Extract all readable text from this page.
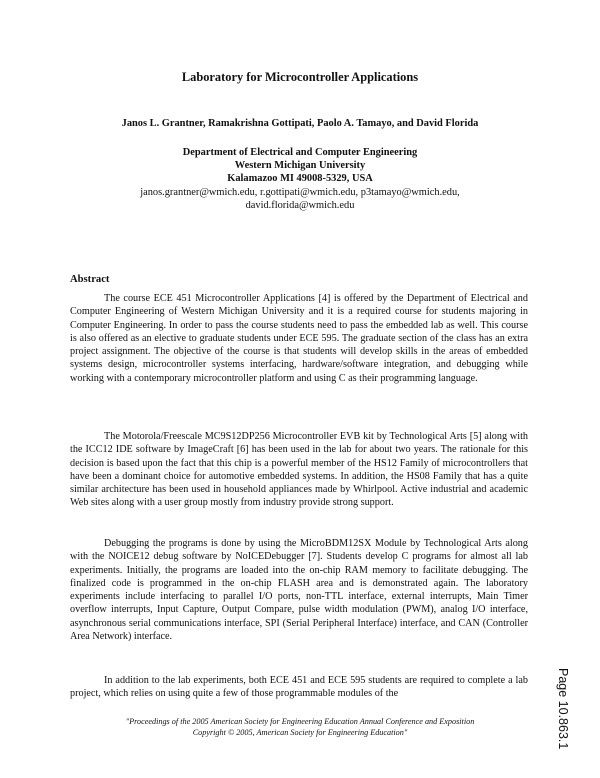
Laboratory for Microcontroller Applications
Janos L. Grantner, Ramakrishna Gottipati, Paolo A. Tamayo, and David Florida
Department of Electrical and Computer Engineering
Western Michigan University
Kalamazoo MI 49008-5329, USA
janos.grantner@wmich.edu, r.gottipati@wmich.edu, p3tamayo@wmich.edu,
david.florida@wmich.edu
Abstract
The course ECE 451 Microcontroller Applications [4] is offered by the Department of Electrical and Computer Engineering of Western Michigan University and it is a required course for students majoring in Computer Engineering. In order to pass the course students need to pass the embedded lab as well. This course is also offered as an elective to graduate students under ECE 595. The graduate section of the class has an extra project assignment. The objective of the course is that students will develop skills in the areas of embedded systems design, microcontroller systems interfacing, hardware/software integration, and debugging while working with a contemporary microcontroller platform and using C as their programming language.
The Motorola/Freescale MC9S12DP256 Microcontroller EVB kit by Technological Arts [5] along with the ICC12 IDE software by ImageCraft [6] has been used in the lab for about two years. The rationale for this decision is based upon the fact that this chip is a powerful member of the HS12 Family of microcontrollers that have been a dominant choice for automotive embedded systems. In addition, the HS08 Family that has a quite similar architecture has been used in household appliances made by Whirlpool. Active industrial and academic Web sites along with a user group mostly from industry provide strong support.
Debugging the programs is done by using the MicroBDM12SX Module by Technological Arts along with the NOICE12 debug software by NoICEDebugger [7]. Students develop C programs for almost all lab experiments. Initially, the programs are loaded into the on-chip RAM memory to facilitate debugging. The finalized code is programmed in the on-chip FLASH area and is demonstrated again. The laboratory experiments include interfacing to parallel I/O ports, non-TTL interface, external interrupts, Main Timer overflow interrupts, Input Capture, Output Compare, pulse width modulation (PWM), analog I/O interface, asynchronous serial communications interface, SPI (Serial Peripheral Interface) interface, and CAN (Controller Area Network) interface.
In addition to the lab experiments, both ECE 451 and ECE 595 students are required to complete a lab project, which relies on using quite a few of those programmable modules of the
"Proceedings of the 2005 American Society for Engineering Education Annual Conference and Exposition
Copyright © 2005, American Society for Engineering Education"	Page 10.863.1
